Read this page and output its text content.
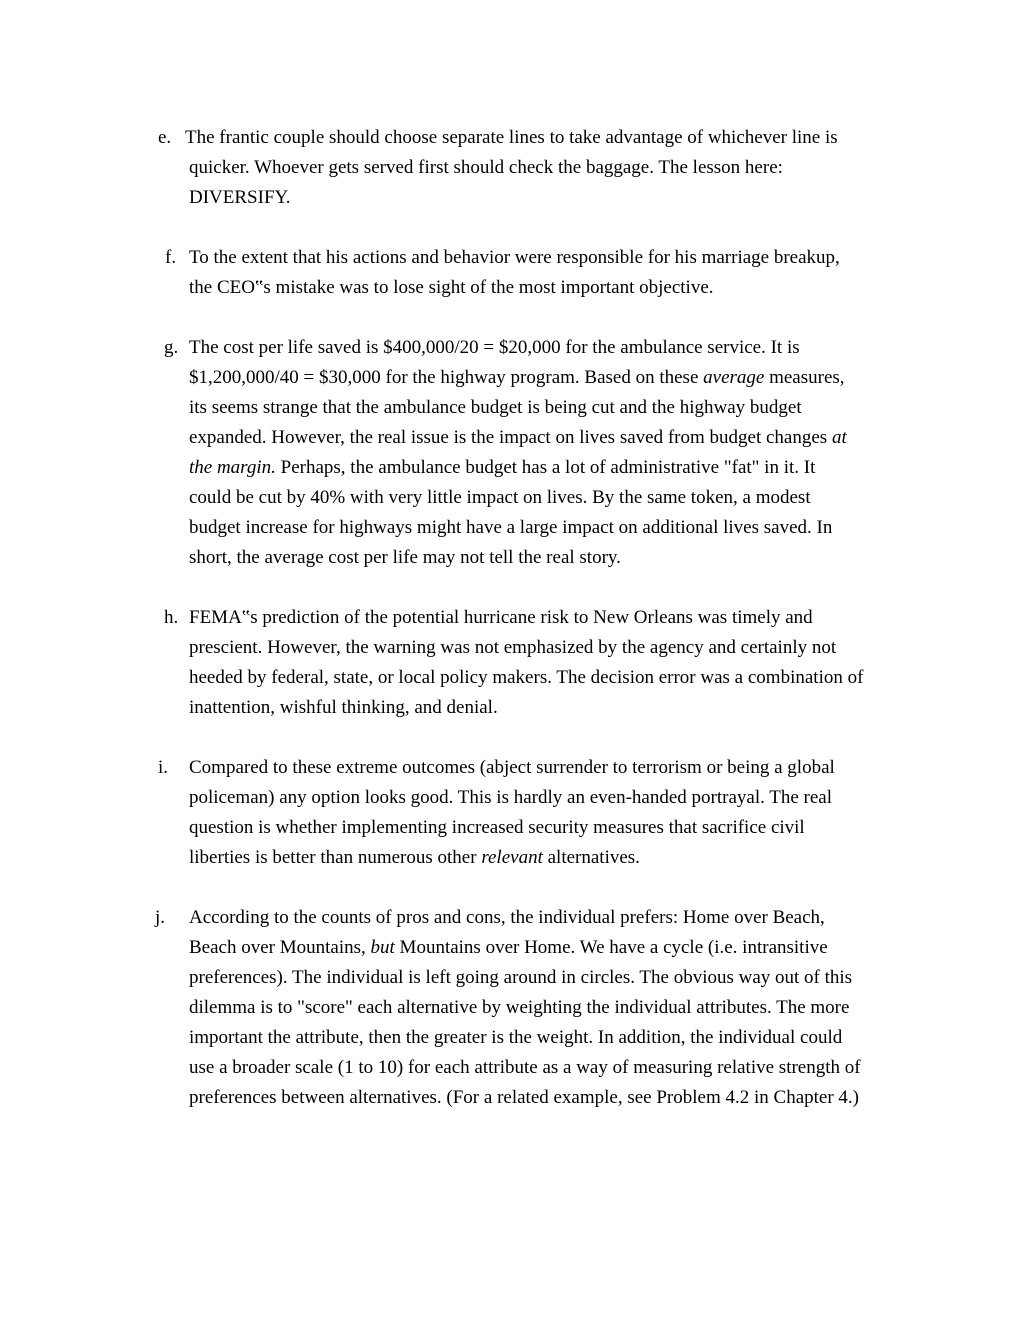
e. The frantic couple should choose separate lines to take advantage of whichever line is
quicker. Whoever gets served first should check the baggage. The lesson here:
DIVERSIFY.
f. To the extent that his actions and behavior were responsible for his marriage breakup,
the CEO‟s mistake was to lose sight of the most important objective.
g. The cost per life saved is $400,000/20 = $20,000 for the ambulance service. It is
$1,200,000/40 = $30,000 for the highway program. Based on these average measures,
its seems strange that the ambulance budget is being cut and the highway budget
expanded. However, the real issue is the impact on lives saved from budget changes at
the margin. Perhaps, the ambulance budget has a lot of administrative "fat" in it. It
could be cut by 40% with very little impact on lives. By the same token, a modest
budget increase for highways might have a large impact on additional lives saved. In
short, the average cost per life may not tell the real story.
h. FEMA‟s prediction of the potential hurricane risk to New Orleans was timely and
prescient. However, the warning was not emphasized by the agency and certainly not
heeded by federal, state, or local policy makers. The decision error was a combination of
inattention, wishful thinking, and denial.
i.	Compared to these extreme outcomes (abject surrender to terrorism or being a global
policeman) any option looks good. This is hardly an even-handed portrayal. The real
question is whether implementing increased security measures that sacrifice civil
liberties is better than numerous other relevant alternatives.
j.	According to the counts of pros and cons, the individual prefers: Home over Beach,
Beach over Mountains, but Mountains over Home. We have a cycle (i.e. intransitive
preferences). The individual is left going around in circles. The obvious way out of this
dilemma is to "score" each alternative by weighting the individual attributes. The more
important the attribute, then the greater is the weight. In addition, the individual could
use a broader scale (1 to 10) for each attribute as a way of measuring relative strength of
preferences between alternatives. (For a related example, see Problem 4.2 in Chapter 4.)
